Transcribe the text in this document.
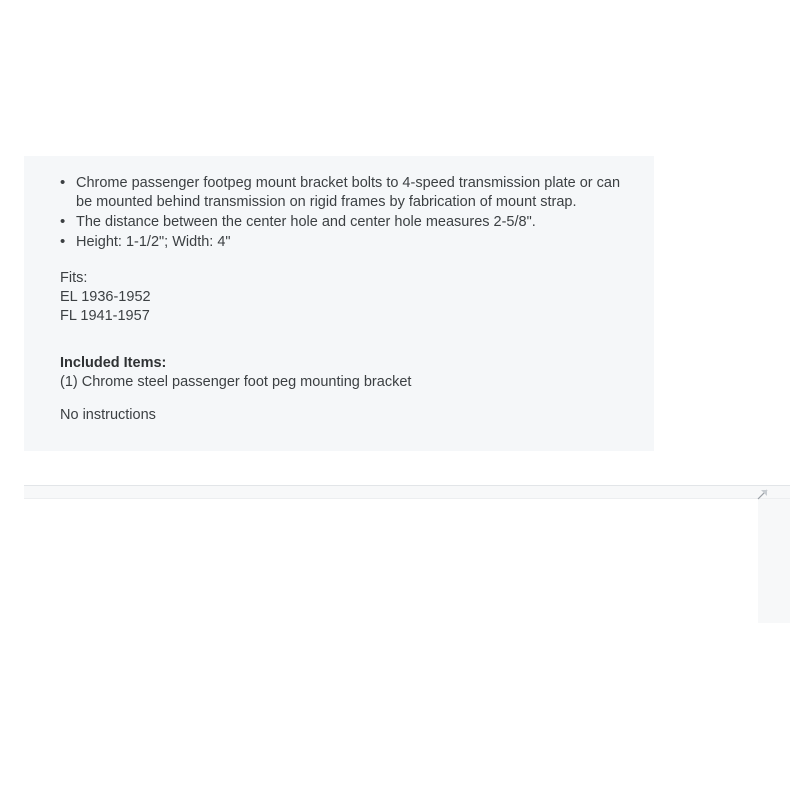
• Chrome passenger footpeg mount bracket bolts to 4-speed transmission plate or can be mounted behind transmission on rigid frames by fabrication of mount strap.
• The distance between the center hole and center hole measures 2-5/8".
• Height: 1-1/2"; Width: 4"
Fits:
EL 1936-1952
FL 1941-1957
Included Items:
(1) Chrome steel passenger foot peg mounting bracket
No instructions
